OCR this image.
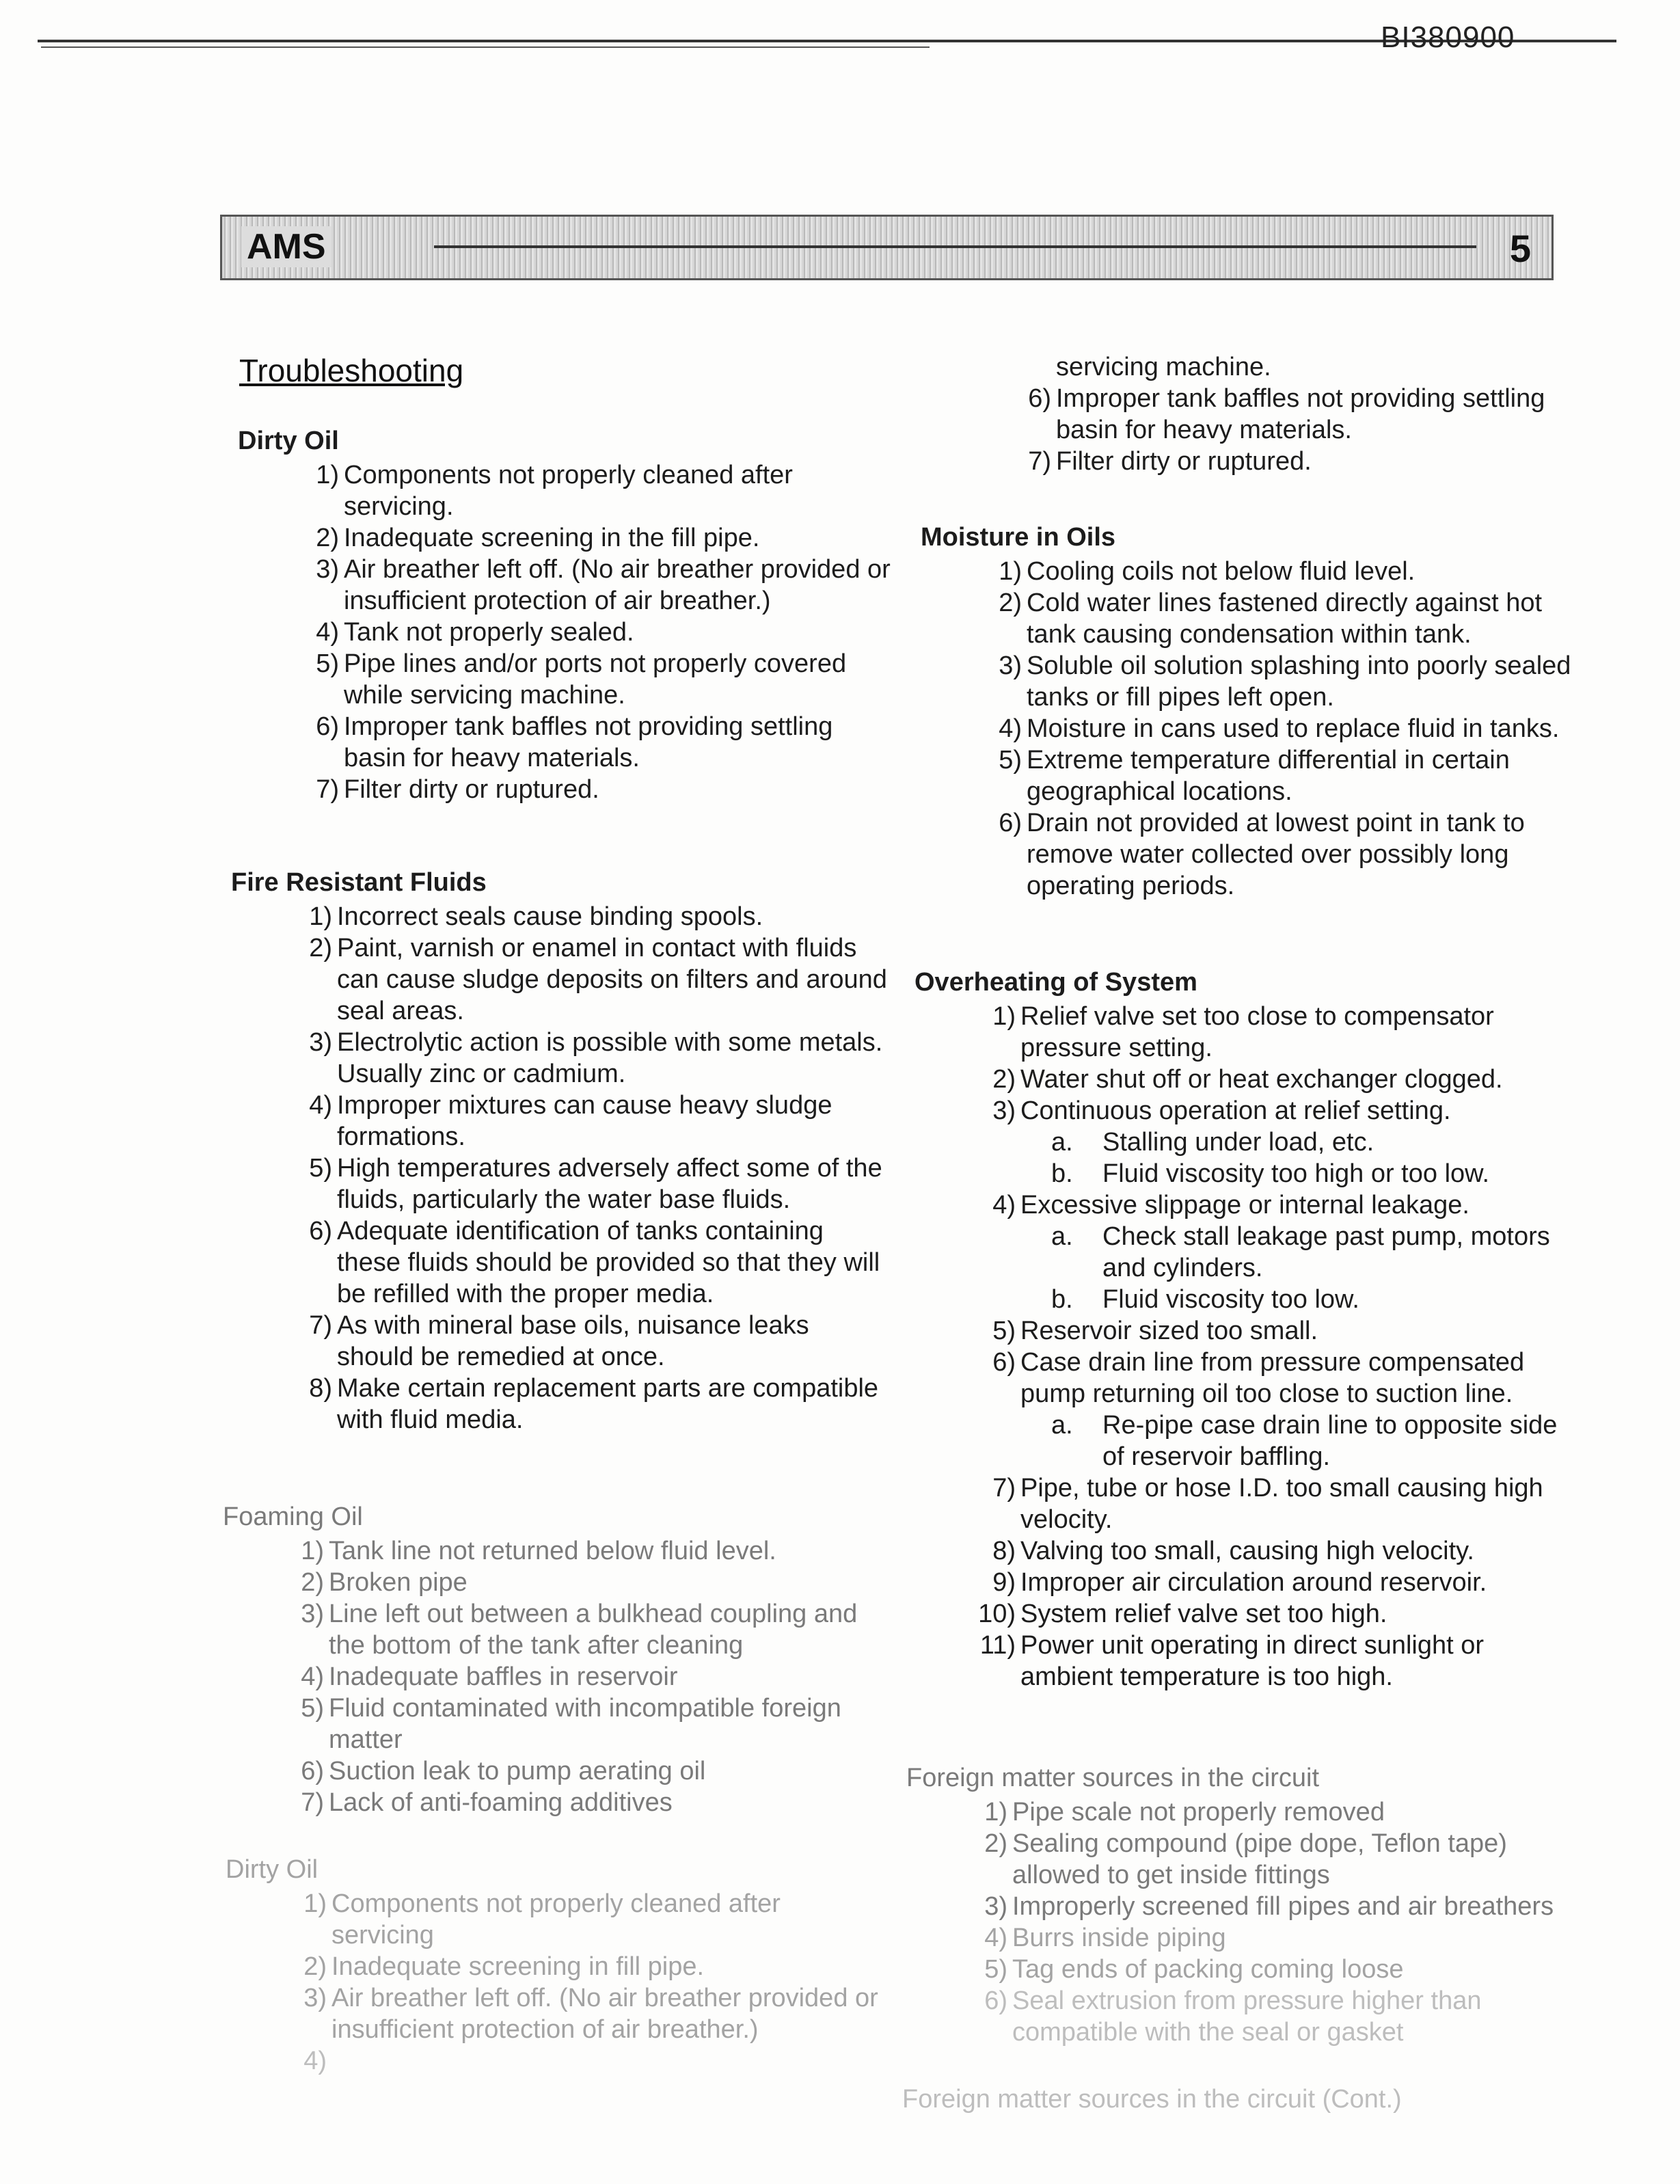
BI380900
AMS	5
Troubleshooting
Dirty Oil
1) Components not properly cleaned after servicing.
2) Inadequate screening in the fill pipe.
3) Air breather left off. (No air breather provided or insufficient protection of air breather.)
4) Tank not properly sealed.
5) Pipe lines and/or ports not properly covered while servicing machine.
6) Improper tank baffles not providing settling basin for heavy materials.
7) Filter dirty or ruptured.
Fire Resistant Fluids
1) Incorrect seals cause binding spools.
2) Paint, varnish or enamel in contact with fluids can cause sludge deposits on filters and around seal areas.
3) Electrolytic action is possible with some metals. Usually zinc or cadmium.
4) Improper mixtures can cause heavy sludge formations.
5) High temperatures adversely affect some of the fluids, particularly the water base fluids.
6) Adequate identification of tanks containing these fluids should be provided so that they will be refilled with the proper media.
7) As with mineral base oils, nuisance leaks should be remedied at once.
8) Make certain replacement parts are compatible with fluid media.
Foaming Oil
1) Tank line not returned below fluid level.
2) Broken pipe
3) Line left out between a bulkhead coupling and the bottom of the tank after cleaning
4) Inadequate baffles in reservoir
5) Fluid contaminated with incompatible foreign matter
6) Suction leak to pump aerating oil
7) Lack of anti-foaming additives
Dirty Oil
1) Components not properly cleaned after servicing
2) Inadequate screening in fill pipe.
3) Air breather left off. (No air breather provided or insufficient protection of air breather.)
4)
servicing machine.
6) Improper tank baffles not providing settling basin for heavy materials.
7) Filter dirty or ruptured.
Moisture in Oils
1) Cooling coils not below fluid level.
2) Cold water lines fastened directly against hot tank causing condensation within tank.
3) Soluble oil solution splashing into poorly sealed tanks or fill pipes left open.
4) Moisture in cans used to replace fluid in tanks.
5) Extreme temperature differential in certain geographical locations.
6) Drain not provided at lowest point in tank to remove water collected over possibly long operating periods.
Overheating of System
1) Relief valve set too close to compensator pressure setting.
2) Water shut off or heat exchanger clogged.
3) Continuous operation at relief setting.
a.	Stalling under load, etc.
b.	Fluid viscosity too high or too low.
4) Excessive slippage or internal leakage.
a.	Check stall leakage past pump, motors and cylinders.
b.	Fluid viscosity too low.
5) Reservoir sized too small.
6) Case drain line from pressure compensated pump returning oil too close to suction line.
a.	Re-pipe case drain line to opposite side of reservoir baffling.
7) Pipe, tube or hose I.D. too small causing high velocity.
8) Valving too small, causing high velocity.
9) Improper air circulation around reservoir.
10) System relief valve set too high.
11) Power unit operating in direct sunlight or ambient temperature is too high.
Foreign matter sources in the circuit
1) Pipe scale not properly removed
2) Sealing compound (pipe dope, Teflon tape) allowed to get inside fittings
3) Improperly screened fill pipes and air breathers
4) Burrs inside piping
5) Tag ends of packing coming loose
6) Seal extrusion from pressure higher than compatible with the seal or gasket
Foreign matter sources in the circuit (Cont.)
